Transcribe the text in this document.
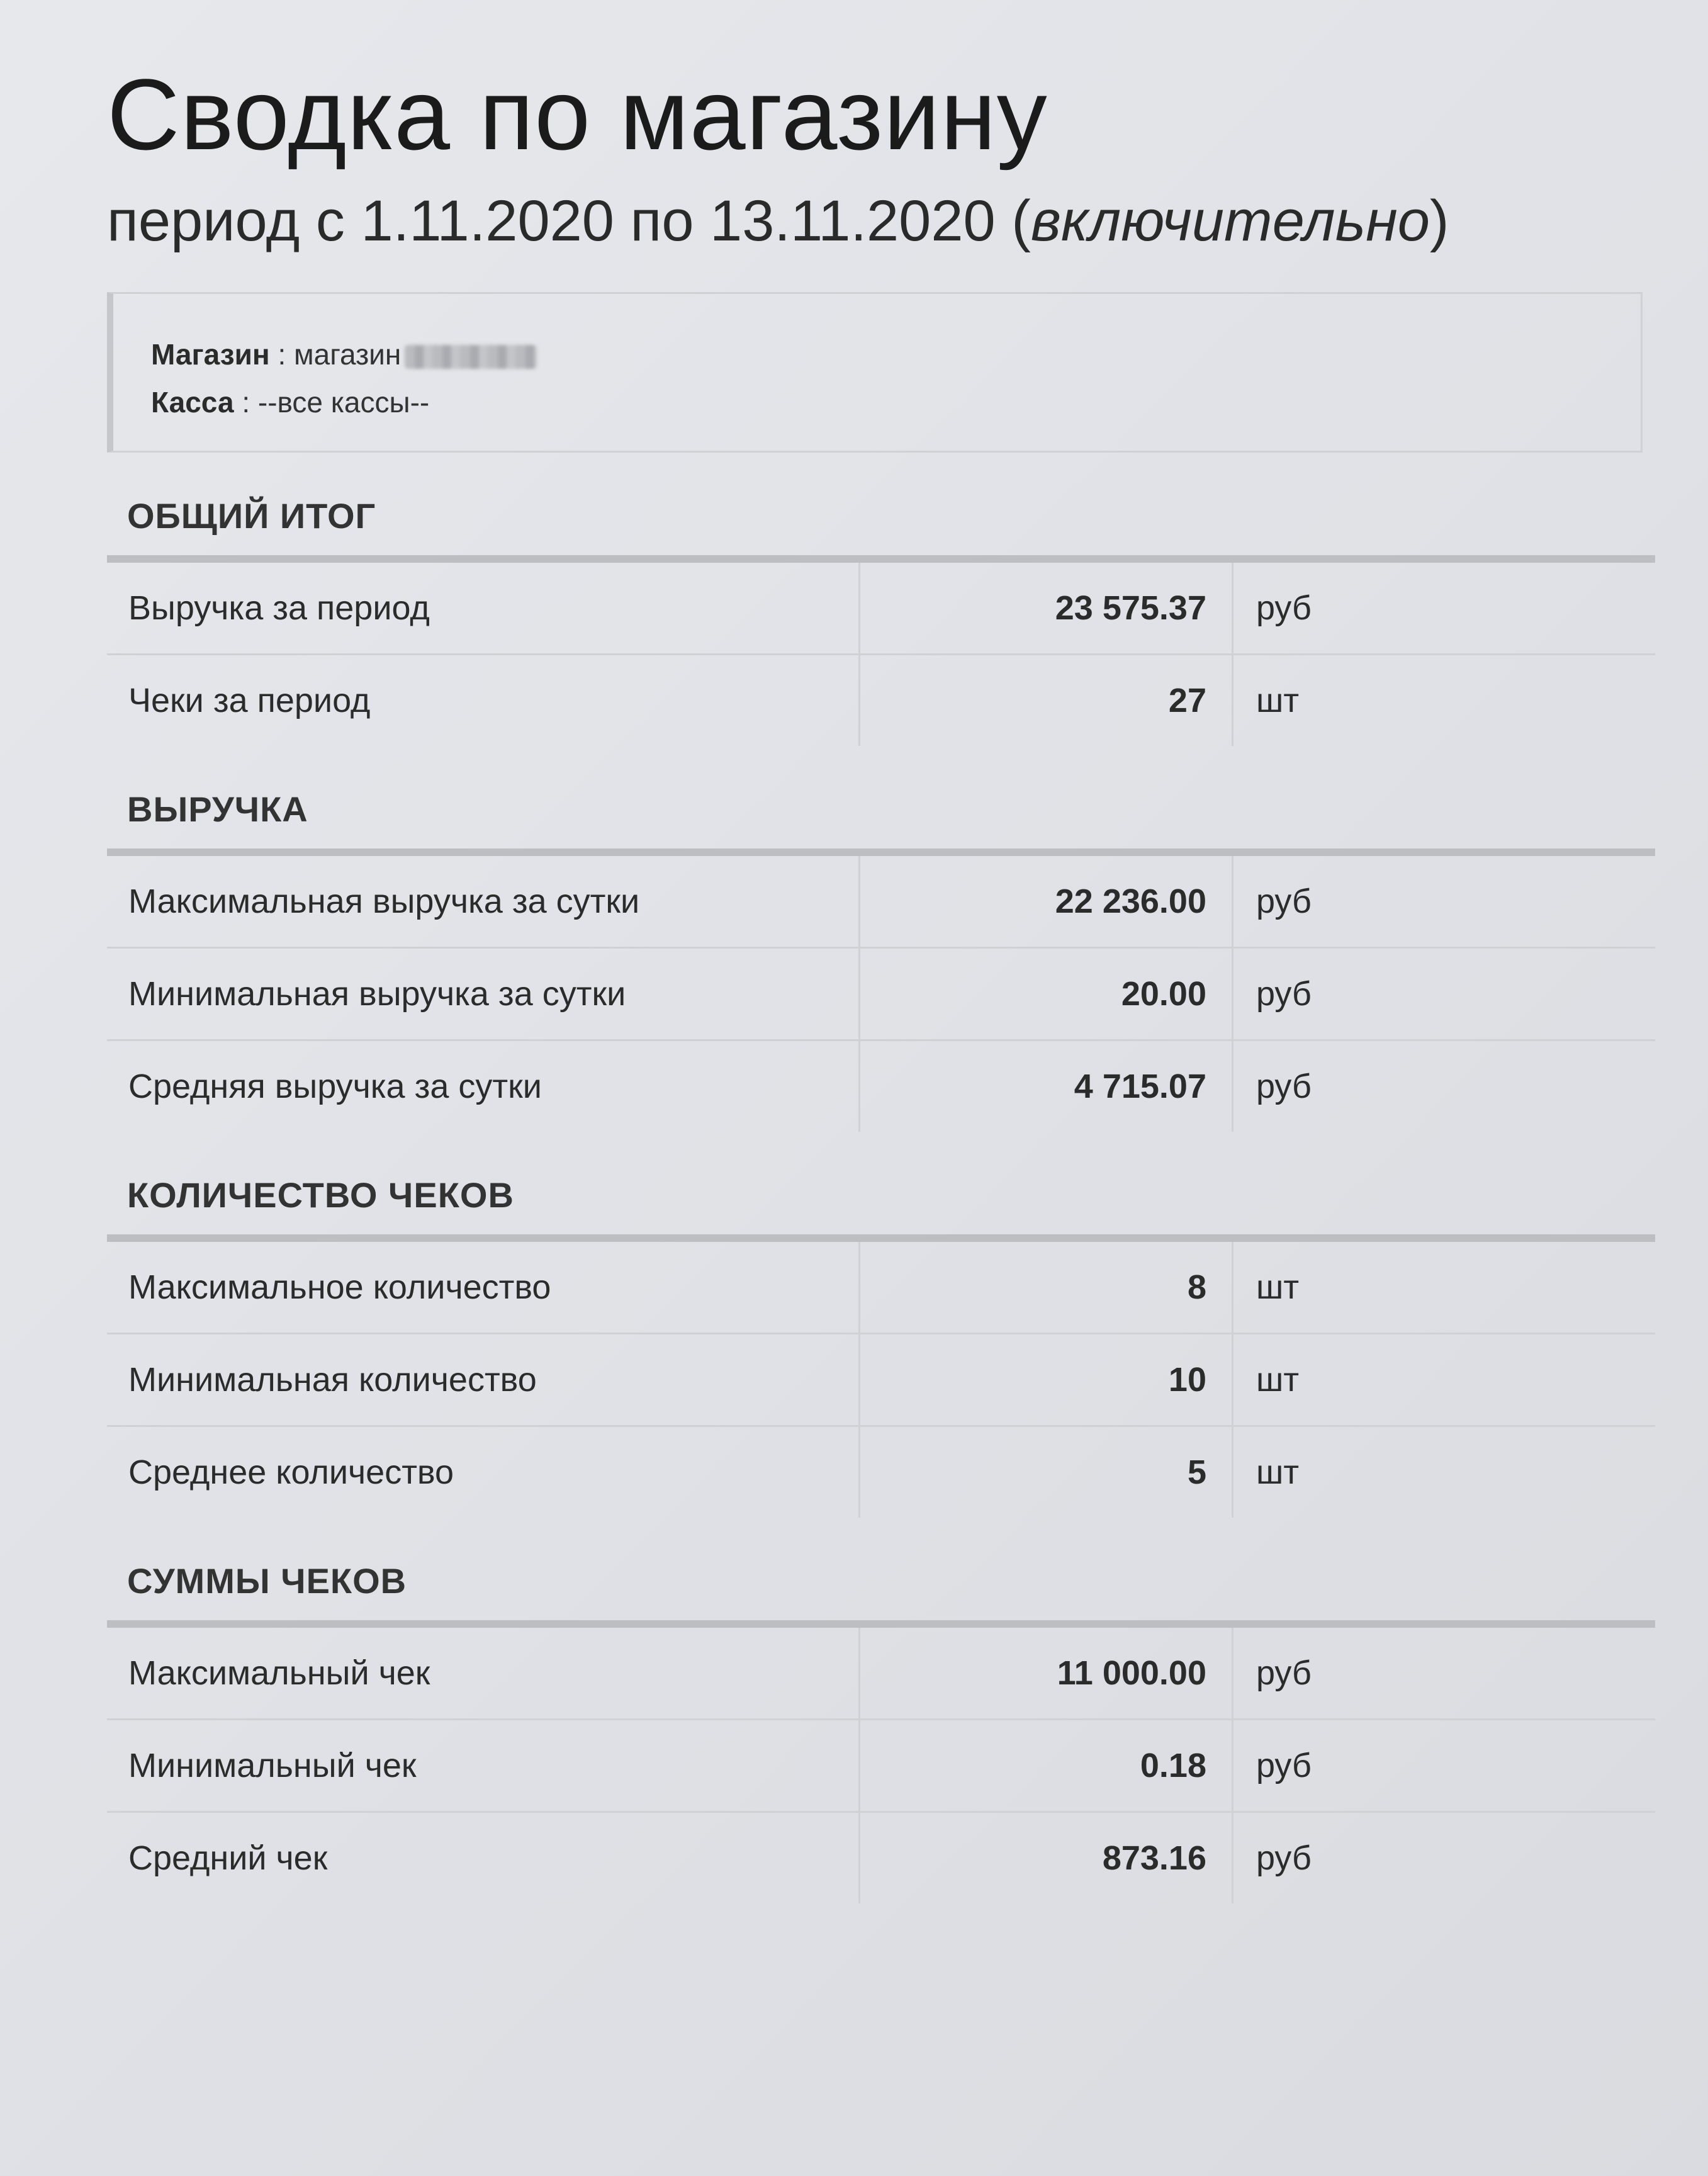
Сводка по магазину
период с 1.11.2020 по 13.11.2020 (включительно)
Магазин : магазин
Касса : --все кассы--
ОБЩИЙ ИТОГ
Выручка за период	23 575.37	руб
Чеки за период	27	шт
ВЫРУЧКА
Максимальная выручка за сутки	22 236.00	руб
Минимальная выручка за сутки	20.00	руб
Средняя выручка за сутки	4 715.07	руб
КОЛИЧЕСТВО ЧЕКОВ
Максимальное количество	8	шт
Минимальная количество	10	шт
Среднее количество	5	шт
СУММЫ ЧЕКОВ
Максимальный чек	11 000.00	руб
Минимальный чек	0.18	руб
Средний чек	873.16	руб
